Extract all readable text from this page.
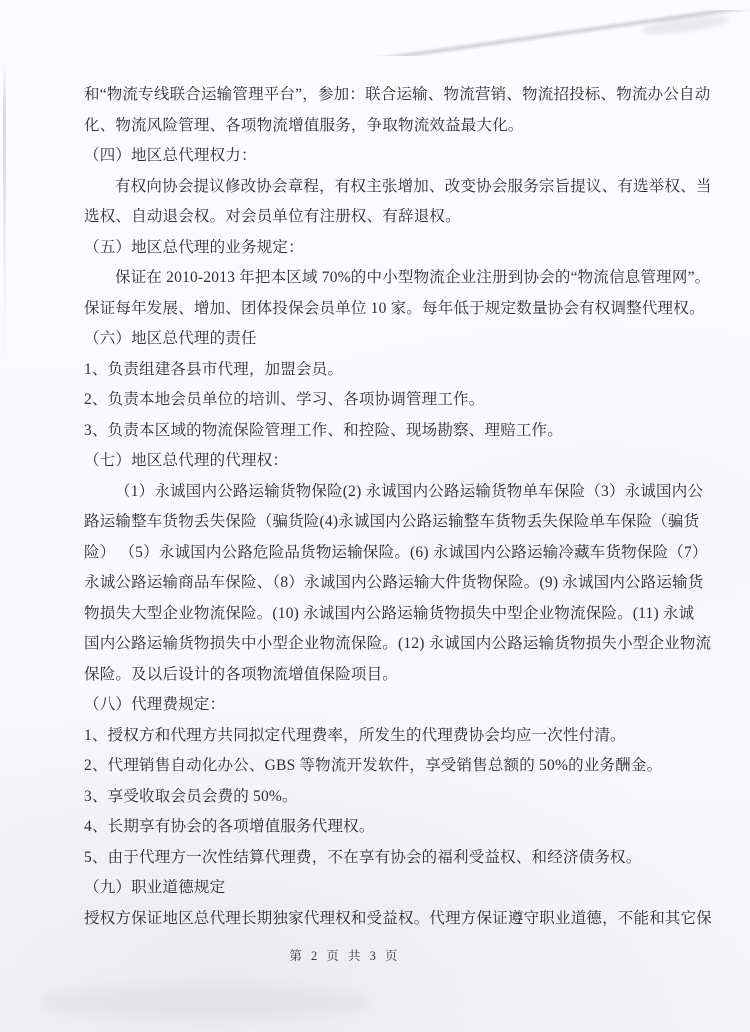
和“物流专线联合运输管理平台”，参加：联合运输、物流营销、物流招投标、物流办公自动
化、物流风险管理、各项物流增值服务，争取物流效益最大化。
（四）地区总代理权力：
有权向协会提议修改协会章程，有权主张增加、改变协会服务宗旨提议、有选举权、当
选权、自动退会权。对会员单位有注册权、有辞退权。
（五）地区总代理的业务规定：
保证在 2010-2013 年把本区域 70%的中小型物流企业注册到协会的“物流信息管理网”。
保证每年发展、增加、团体投保会员单位 10 家。每年低于规定数量协会有权调整代理权。
（六）地区总代理的责任
1、负责组建各县市代理，加盟会员。
2、负责本地会员单位的培训、学习、各项协调管理工作。
3、负责本区域的物流保险管理工作、和控险、现场勘察、理赔工作。
（七）地区总代理的代理权：
（1）永诚国内公路运输货物保险(2) 永诚国内公路运输货物单车保险（3）永诚国内公
路运输整车货物丢失保险（骗货险(4)永诚国内公路运输整车货物丢失保险单车保险（骗货
险） （5）永诚国内公路危险品货物运输保险。(6) 永诚国内公路运输冷藏车货物保险（7）
永诚公路运输商品车保险、（8）永诚国内公路运输大件货物保险。(9) 永诚国内公路运输货
物损失大型企业物流保险。(10) 永诚国内公路运输货物损失中型企业物流保险。(11) 永诚
国内公路运输货物损失中小型企业物流保险。(12) 永诚国内公路运输货物损失小型企业物流
保险。及以后设计的各项物流增值保险项目。
（八）代理费规定：
1、授权方和代理方共同拟定代理费率，所发生的代理费协会均应一次性付清。
2、代理销售自动化办公、GBS 等物流开发软件，享受销售总额的 50%的业务酬金。
3、享受收取会员会费的 50%。
4、长期享有协会的各项增值服务代理权。
5、由于代理方一次性结算代理费，不在享有协会的福利受益权、和经济债务权。
（九）职业道德规定
授权方保证地区总代理长期独家代理权和受益权。代理方保证遵守职业道德，不能和其它保
第 2 页 共 3 页
